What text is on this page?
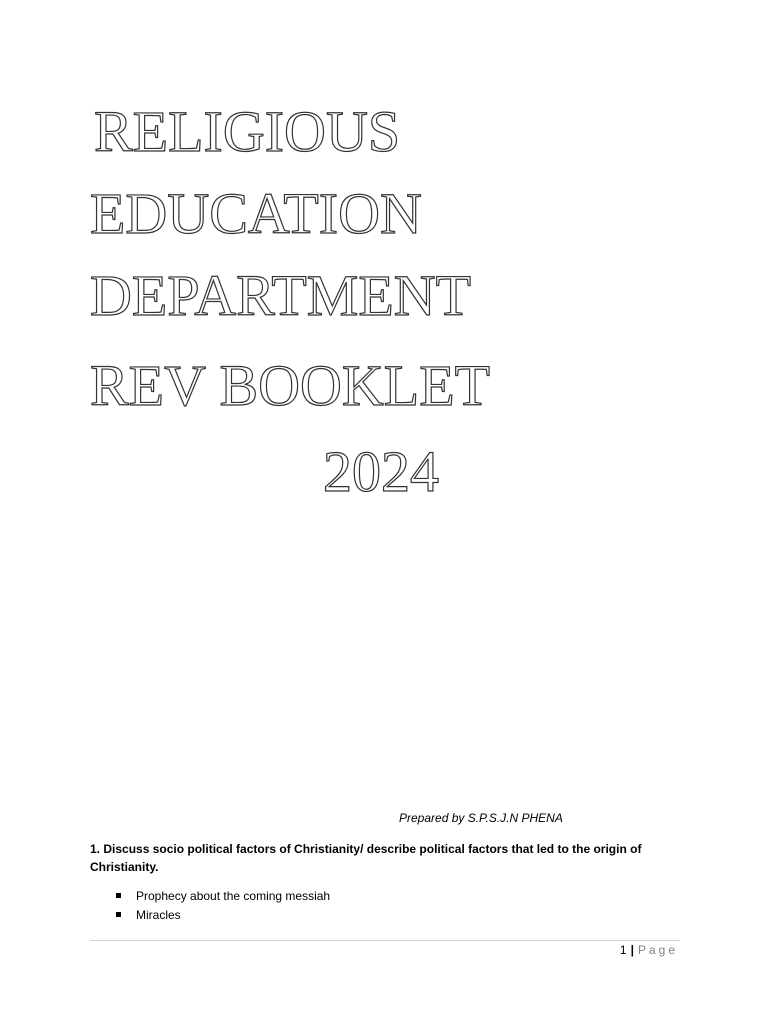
RELIGIOUS
EDUCATION
DEPARTMENT
REV BOOKLET
2024
Prepared by S.P.S.J.N PHENA
1. Discuss socio political factors of Christianity/ describe political factors that led to the origin of Christianity.
Prophecy about the coming messiah
Miracles
1 | Page
